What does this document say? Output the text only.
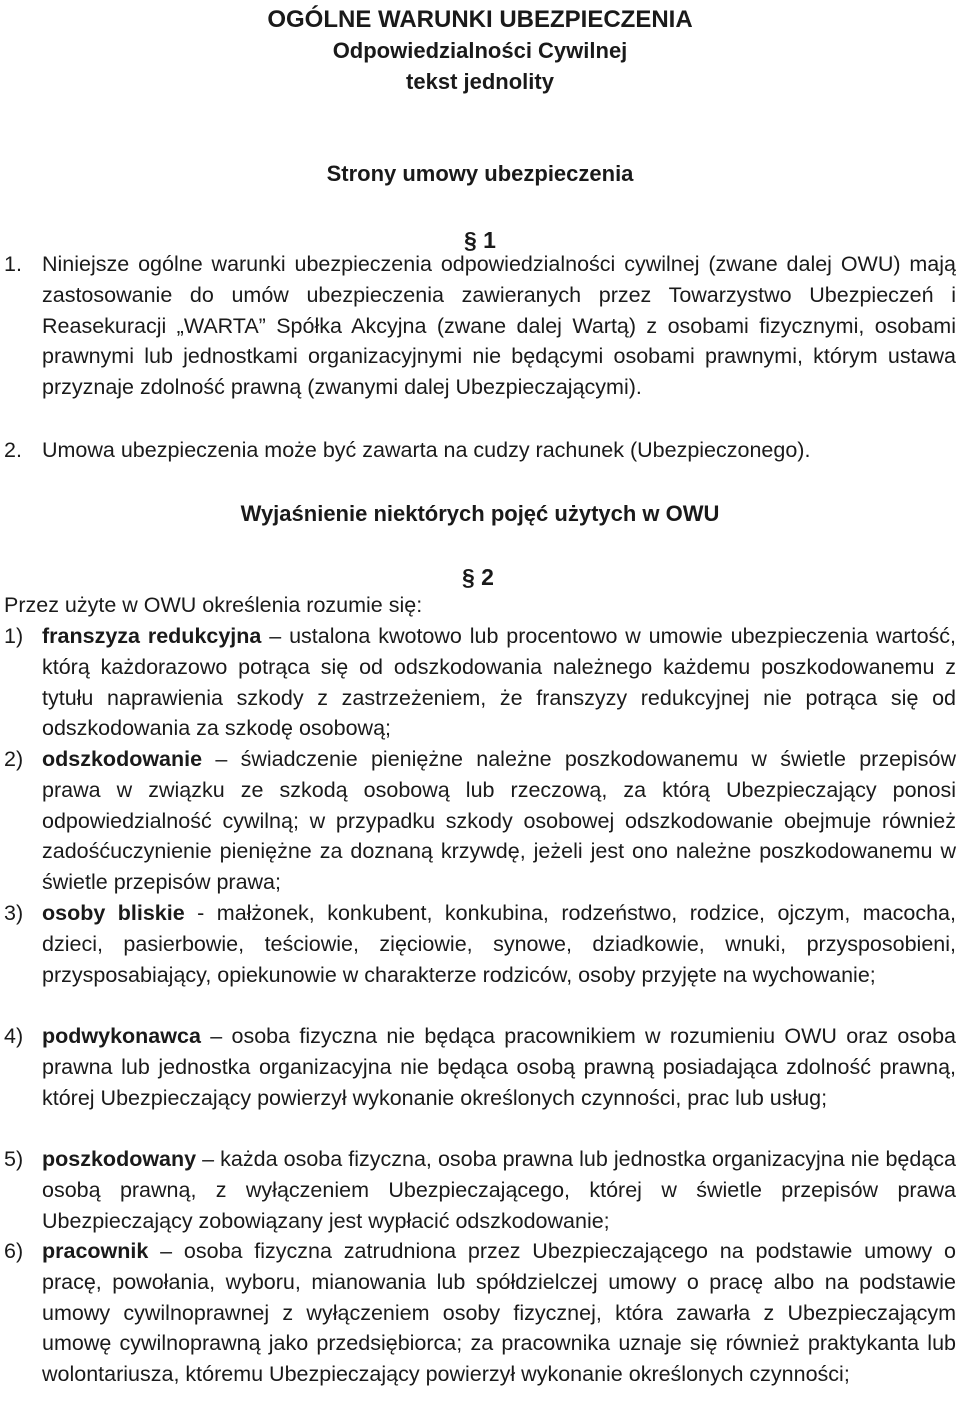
OGÓLNE WARUNKI UBEZPIECZENIA
Odpowiedzialności Cywilnej
tekst jednolity
Strony umowy ubezpieczenia
§ 1
1. Niniejsze ogólne warunki ubezpieczenia odpowiedzialności cywilnej (zwane dalej OWU) mają zastosowanie do umów ubezpieczenia zawieranych przez Towarzystwo Ubezpieczeń i Reasekuracji „WARTA” Spółka Akcyjna (zwane dalej Wartą) z osobami fizycznymi, osobami prawnymi lub jednostkami organizacyjnymi nie będącymi osobami prawnymi, którym ustawa przyznaje zdolność prawną (zwanymi dalej Ubezpieczającymi).
2. Umowa ubezpieczenia może być zawarta na cudzy rachunek (Ubezpieczonego).
Wyjaśnienie niektórych pojęć użytych w OWU
§ 2
Przez użyte w OWU określenia rozumie się:
1) franszyza redukcyjna – ustalona kwotowo lub procentowo w umowie ubezpieczenia wartość, którą każdorazowo potrąca się od odszkodowania należnego każdemu poszkodowanemu z tytułu naprawienia szkody z zastrzeżeniem, że franszyzy redukcyjnej nie potrąca się od odszkodowania za szkodę osobową;
2) odszkodowanie – świadczenie pieniężne należne poszkodowanemu w świetle przepisów prawa w związku ze szkodą osobową lub rzeczową, za którą Ubezpieczający ponosi odpowiedzialność cywilną; w przypadku szkody osobowej odszkodowanie obejmuje również zadośćuczynienie pieniężne za doznaną krzywdę, jeżeli jest ono należne poszkodowanemu w świetle przepisów prawa;
3) osoby bliskie - małżonek, konkubent, konkubina, rodzeństwo, rodzice, ojczym, macocha, dzieci, pasierbowie, teściowie, zięciowie, synowe, dziadkowie, wnuki, przysposobieni, przysposabiający, opiekunowie w charakterze rodziców, osoby przyjęte na wychowanie;
4) podwykonawca – osoba fizyczna nie będąca pracownikiem w rozumieniu OWU oraz osoba prawna lub jednostka organizacyjna nie będąca osobą prawną posiadająca zdolność prawną, której Ubezpieczający powierzył wykonanie określonych czynności, prac lub usług;
5) poszkodowany – każda osoba fizyczna, osoba prawna lub jednostka organizacyjna nie będąca osobą prawną, z wyłączeniem Ubezpieczającego, której w świetle przepisów prawa Ubezpieczający zobowiązany jest wypłacić odszkodowanie;
6) pracownik – osoba fizyczna zatrudniona przez Ubezpieczającego na podstawie umowy o pracę, powołania, wyboru, mianowania lub spółdzielczej umowy o pracę albo na podstawie umowy cywilnoprawnej z wyłączeniem osoby fizycznej, która zawarła z Ubezpieczającym umowę cywilnoprawną jako przedsiębiorca; za pracownika uznaje się również praktykanta lub wolontariusza, któremu Ubezpieczający powierzył wykonanie określonych czynności;
